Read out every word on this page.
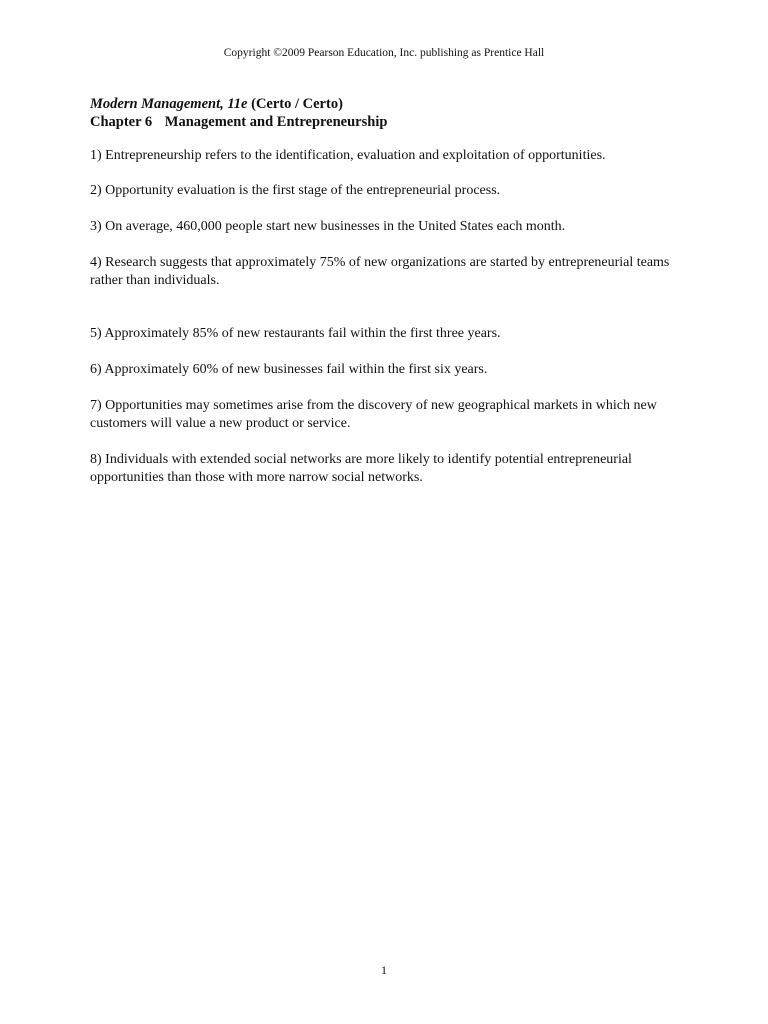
Copyright ©2009 Pearson Education, Inc. publishing as Prentice Hall
Modern Management, 11e (Certo / Certo)
Chapter 6 Management and Entrepreneurship

1) Entrepreneurship refers to the identification, evaluation and exploitation of opportunities.

2) Opportunity evaluation is the first stage of the entrepreneurial process.

3) On average, 460,000 people start new businesses in the United States each month.

4) Research suggests that approximately 75% of new organizations are started by entrepreneurial teams rather than individuals.

5) Approximately 85% of new restaurants fail within the first three years.

6) Approximately 60% of new businesses fail within the first six years.

7) Opportunities may sometimes arise from the discovery of new geographical markets in which new customers will value a new product or service.

8) Individuals with extended social networks are more likely to identify potential entrepreneurial opportunities than those with more narrow social networks.

1
